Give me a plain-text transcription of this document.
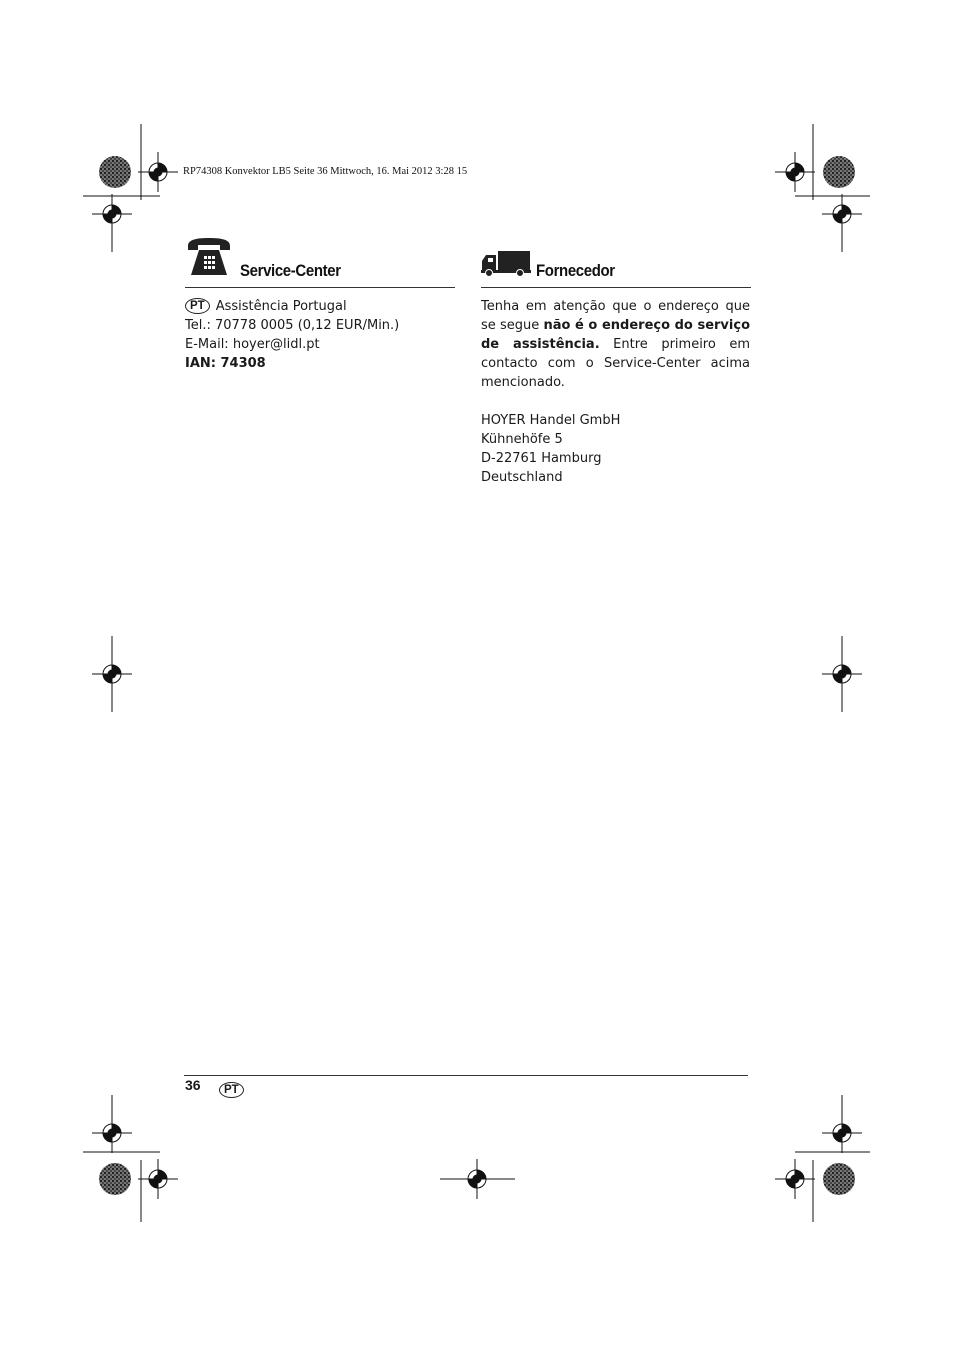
RP74308 Konvektor LB5 Seite 36 Mittwoch, 16. Mai 2012 3:28 15
Service-Center
PT Assistência Portugal
Tel.: 70778 0005 (0,12 EUR/Min.)
E-Mail: hoyer@lidl.pt
IAN: 74308
Fornecedor
Tenha em atenção que o endereço que se segue não é o endereço do serviço de assistência. Entre primeiro em contacto com o Service-Center acima mencionado.
HOYER Handel GmbH
Kühnehöfe 5
D-22761 Hamburg
Deutschland
36	PT
